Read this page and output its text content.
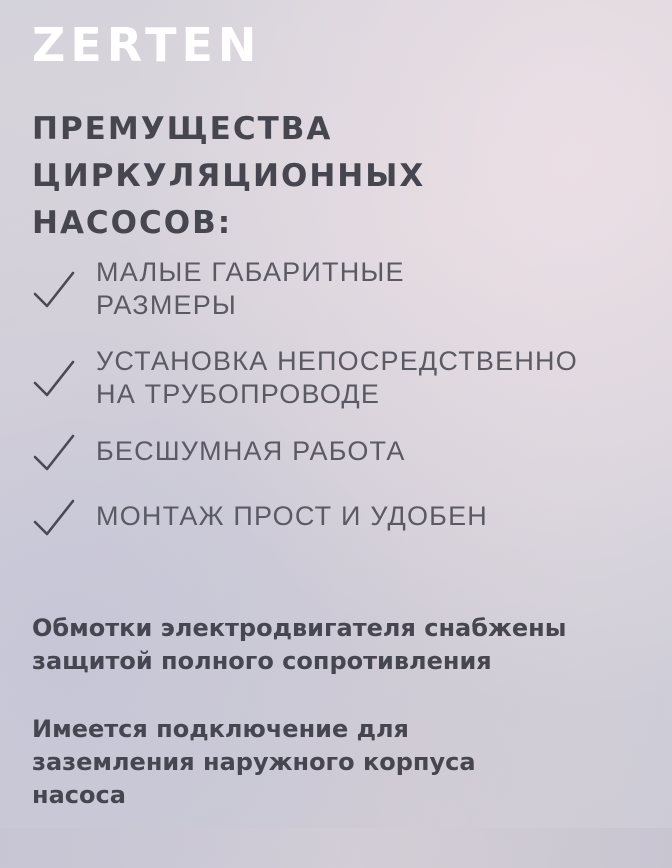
ZERTEN
ПРЕМУЩЕСТВА
ЦИРКУЛЯЦИОННЫХ
НАСОСОВ:
МАЛЫЕ ГАБАРИТНЫЕ
РАЗМЕРЫ
УСТАНОВКА НЕПОСРЕДСТВЕННО
НА ТРУБОПРОВОДЕ
БЕСШУМНАЯ РАБОТА
МОНТАЖ ПРОСТ И УДОБЕН

Обмотки электродвигателя снабжены
защитой полного сопротивления

Имеется подключение для
заземления наружного корпуса
насоса
